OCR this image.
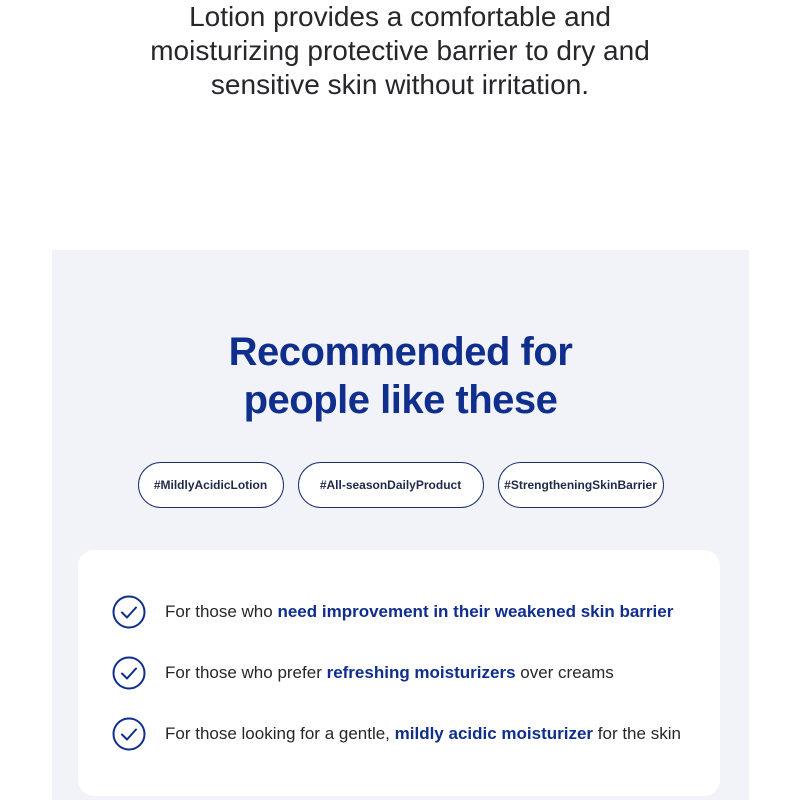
Lotion provides a comfortable and
moisturizing protective barrier to dry and
sensitive skin without irritation.
Recommended for
people like these
#MildlyAcidicLotion	#All-seasonDailyProduct	#StrengtheningSkinBarrier
For those who need improvement in their weakened skin barrier
For those who prefer refreshing moisturizers over creams
For those looking for a gentle, mildly acidic moisturizer for the skin
